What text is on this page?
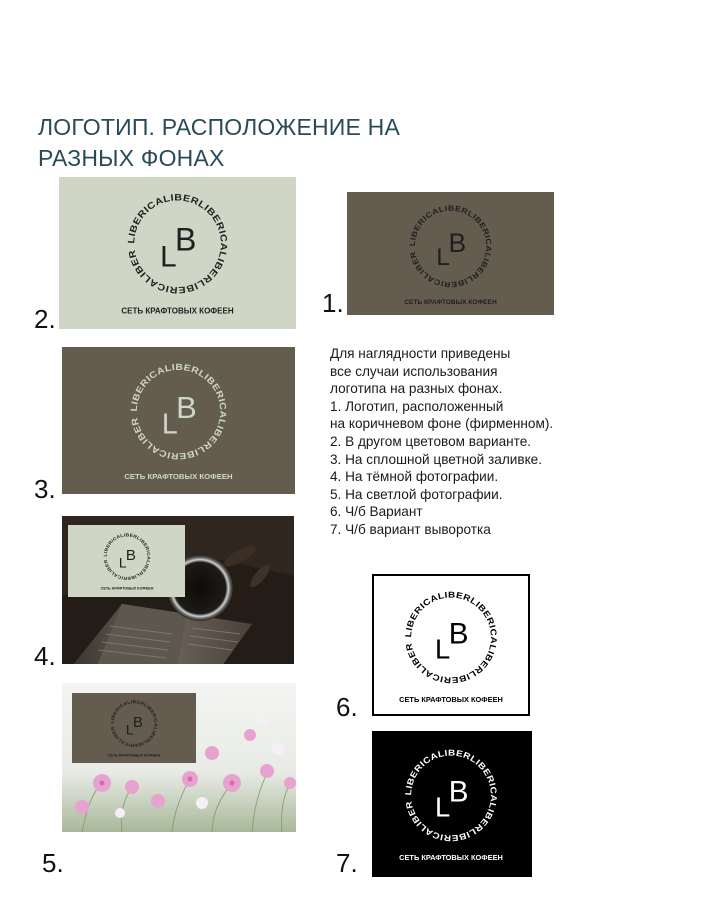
ЛОГОТИП. РАСПОЛОЖЕНИЕ НА
РАЗНЫХ ФОНАХ
LIBERICALIBERLIBERICALIBERLIBERICALIBER L
B
СЕТЬ КРАФТОВЫХ КОФЕЕН
2.
LIBERICALIBERLIBERICALIBERLIBERICALIBER L
B
СЕТЬ КРАФТОВЫХ КОФЕЕН
1.
LIBERICALIBERLIBERICALIBERLIBERICALIBER L
B
СЕТЬ КРАФТОВЫХ КОФЕЕН
3.
LIBERICALIBERLIBERICALIBERLIBERICALIBER L B
СЕТЬ КРАФТОВЫХ КОФЕЕН
4.
LIBERICALIBERLIBERICALIBERLIBERICALIBER L B
СЕТЬ КРАФТОВЫХ КОФЕЕН
5.
Для наглядности приведены
все случаи использования
логотипа на разных фонах.
1. Логотип, расположенный
на коричневом фоне (фирменном).
2. В другом цветовом варианте.
3. На сплошной цветной заливке.
4. На тёмной фотографии.
5. На светлой фотографии.
6. Ч/б Вариант
7. Ч/б вариант выворотка
LIBERICALIBERLIBERICALIBERLIBERICALIBER L
B
СЕТЬ КРАФТОВЫХ КОФЕЕН
6.
LIBERICALIBERLIBERICALIBERLIBERICALIBER L
B
СЕТЬ КРАФТОВЫХ КОФЕЕН
7.
